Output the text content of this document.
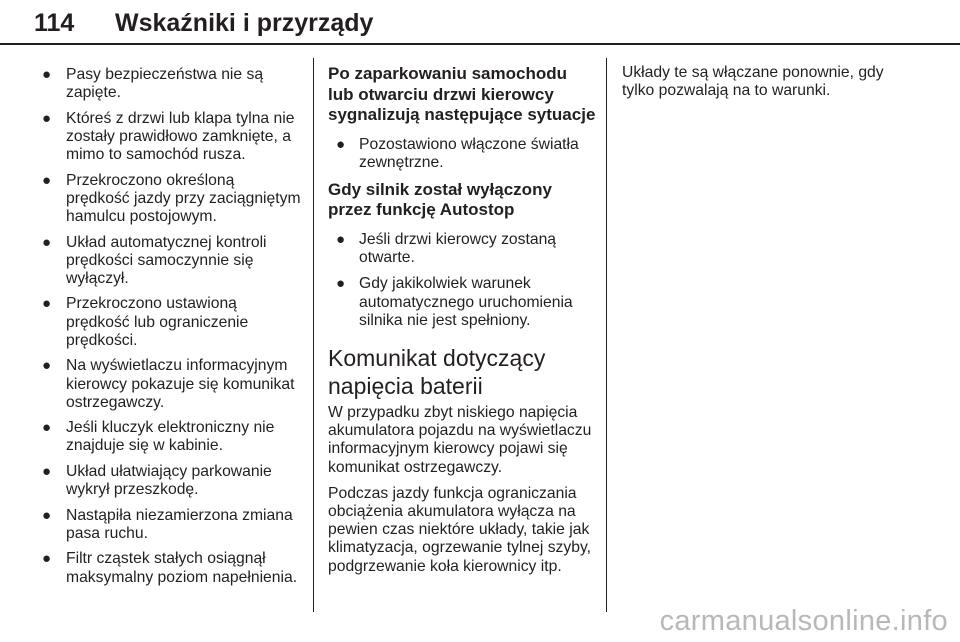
114 Wskaźniki i przyrządy
● Pasy bezpieczeństwa nie są zapięte.
● Któreś z drzwi lub klapa tylna nie zostały prawidłowo zamknięte, a mimo to samochód rusza.
● Przekroczono określoną prędkość jazdy przy zaciągniętym hamulcu postojowym.
● Układ automatycznej kontroli prędkości samoczynnie się wyłączył.
● Przekroczono ustawioną prędkość lub ograniczenie prędkości.
● Na wyświetlaczu informacyjnym kierowcy pokazuje się komunikat ostrzegawczy.
● Jeśli kluczyk elektroniczny nie znajduje się w kabinie.
● Układ ułatwiający parkowanie wykrył przeszkodę.
● Nastąpiła niezamierzona zmiana pasa ruchu.
● Filtr cząstek stałych osiągnął maksymalny poziom napełnienia.
Po zaparkowaniu samochodu lub otwarciu drzwi kierowcy sygnalizują następujące sytuacje
● Pozostawiono włączone światła zewnętrzne.
Gdy silnik został wyłączony przez funkcję Autostop
● Jeśli drzwi kierowcy zostaną otwarte.
● Gdy jakikolwiek warunek automatycznego uruchomienia silnika nie jest spełniony.
Komunikat dotyczący napięcia baterii

W przypadku zbyt niskiego napięcia akumulatora pojazdu na wyświetlaczu informacyjnym kierowcy pojawi się komunikat ostrzegawczy.

Podczas jazdy funkcja ograniczania obciążenia akumulatora wyłącza na pewien czas niektóre układy, takie jak klimatyzacja, ogrzewanie tylnej szyby, podgrzewanie koła kierownicy itp.

Układy te są włączane ponownie, gdy tylko pozwalają na to warunki.

carmanualsonline.info
